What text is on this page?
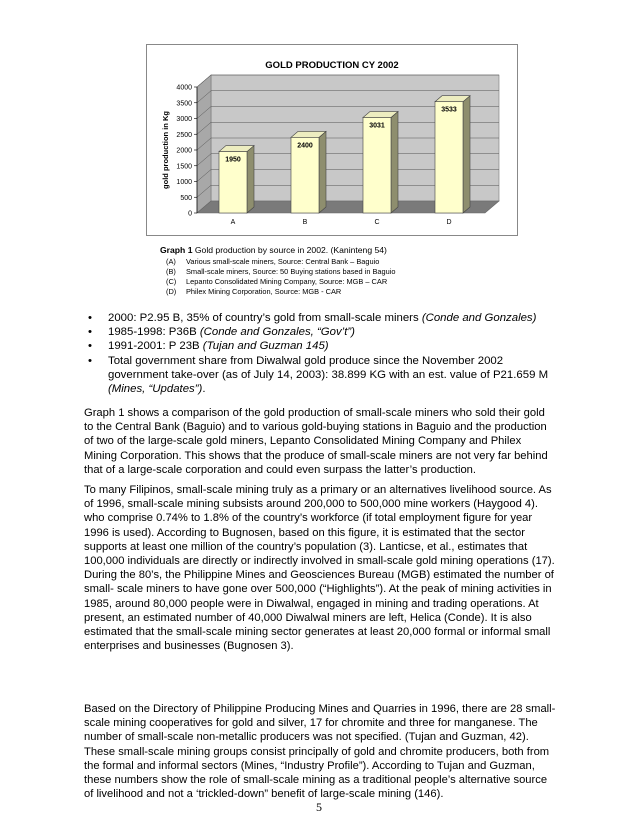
GOLD PRODUCTION CY 2002
0
500
1000
1500
2000
2500
3000
3500
4000
gold production in Kg	1950
A
2400
B
3031
C
3533
D
Graph 1 Gold production by source in 2002. (Kaninteng 54)
(A)	Various small-scale miners, Source: Central Bank – Baguio
(B)	Small-scale miners, Source: 50 Buying stations based in Baguio
(C)	Lepanto Consolidated Mining Company, Source: MGB – CAR
(D)	Philex Mining Corporation, Source: MGB - CAR
• 2000: P2.95 B, 35% of country’s gold from small-scale miners (Conde and Gonzales)
• 1985-1998: P36B (Conde and Gonzales, “Gov’t”)
• 1991-2001: P 23B (Tujan and Guzman 145)
• Total government share from Diwalwal gold produce since the November 2002 government take-over (as of July 14, 2003): 38.899 KG with an est. value of P21.659 M (Mines, “Updates”).

Graph 1 shows a comparison of the gold production of small-scale miners who sold their gold to the Central Bank (Baguio) and to various gold-buying stations in Baguio and the production of two of the large-scale gold miners, Lepanto Consolidated Mining Company and Philex Mining Corporation. This shows that the produce of small-scale miners are not very far behind that of a large-scale corporation and could even surpass the latter’s production.

To many Filipinos, small-scale mining truly as a primary or an alternatives livelihood source. As of 1996, small-scale mining subsists around 200,000 to 500,000 mine workers (Haygood 4). who comprise 0.74% to 1.8% of the country’s workforce (if total employment figure for year 1996 is used). According to Bugnosen, based on this figure, it is estimated that the sector supports at least one million of the country’s population (3). Lanticse, et al., estimates that 100,000 individuals are directly or indirectly involved in small-scale gold mining operations (17). During the 80’s, the Philippine Mines and Geosciences Bureau (MGB) estimated the number of small- scale miners to have gone over 500,000 (“Highlights”). At the peak of mining activities in 1985, around 80,000 people were in Diwalwal, engaged in mining and trading operations. At present, an estimated number of 40,000 Diwalwal miners are left, Helica (Conde). It is also estimated that the small-scale mining sector generates at least 20,000 formal or informal small enterprises and businesses (Bugnosen 3).

Based on the Directory of Philippine Producing Mines and Quarries in 1996, there are 28 small-scale mining cooperatives for gold and silver, 17 for chromite and three for manganese. The number of small-scale non-metallic producers was not specified. (Tujan and Guzman, 42). These small-scale mining groups consist principally of gold and chromite producers, both from the formal and informal sectors (Mines, “Industry Profile”). According to Tujan and Guzman, these numbers show the role of small-scale mining as a traditional people’s alternative source of livelihood and not a ‘trickled-down” benefit of large-scale mining (146).

5
